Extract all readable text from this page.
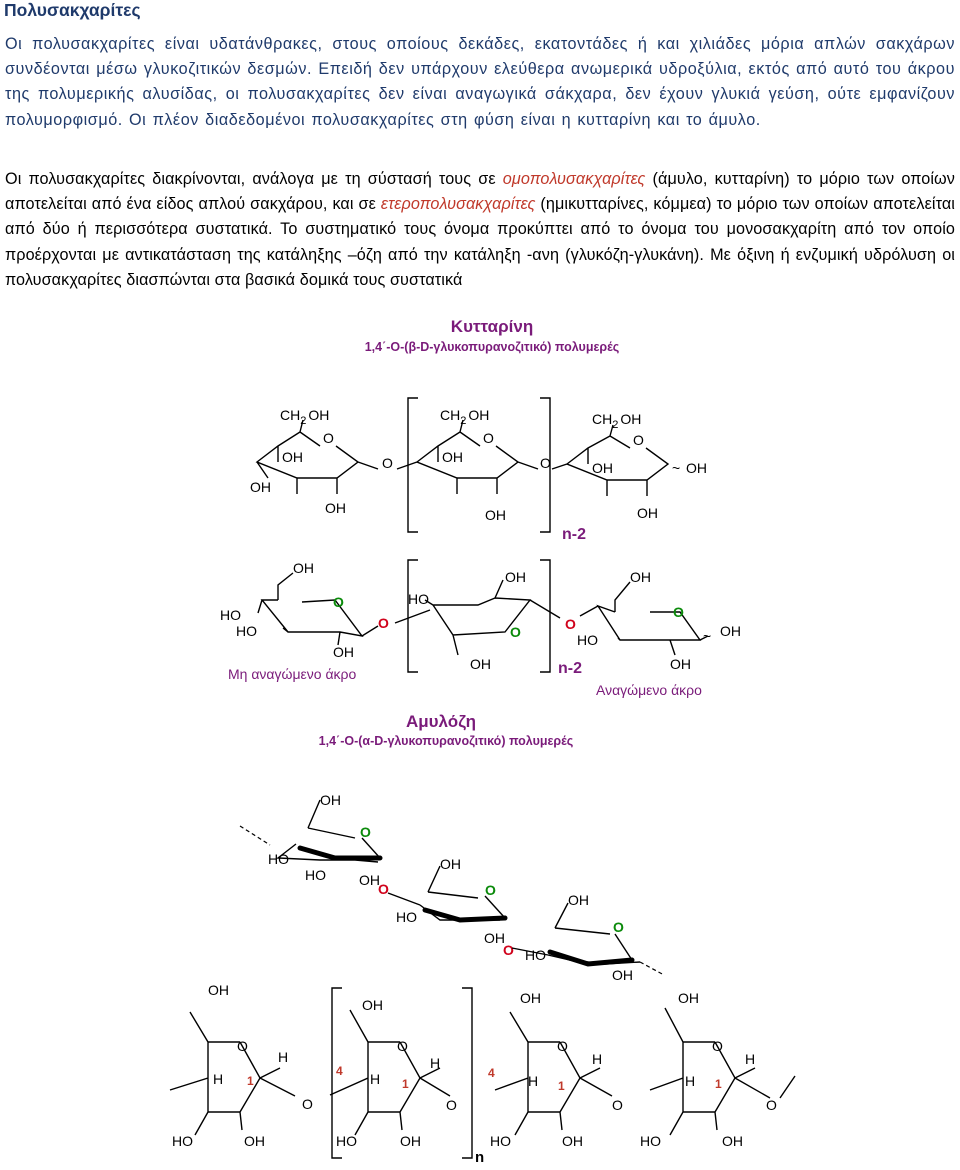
Πολυσακχαρίτες
Οι πολυσακχαρίτες είναι υδατάνθρακες, στους οποίους δεκάδες, εκατοντάδες ή και χιλιάδες μόρια απλών σακχάρων συνδέονται μέσω γλυκοζιτικών δεσμών. Επειδή δεν υπάρχουν ελεύθερα ανωμερικά υδροξύλια, εκτός από αυτό του άκρου της πολυμερικής αλυσίδας, οι πολυσακχαρίτες δεν είναι αναγωγικά σάκχαρα, δεν έχουν γλυκιά γεύση, ούτε εμφανίζουν πολυμορφισμό. Οι πλέον διαδεδομένοι πολυσακχαρίτες στη φύση είναι η κυτταρίνη και το άμυλο.
Οι πολυσακχαρίτες διακρίνονται, ανάλογα με τη σύστασή τους σε ομοπολυσακχαρίτες (άμυλο, κυτταρίνη) το μόριο των οποίων αποτελείται από ένα είδος απλού σακχάρου, και σε ετεροπολυσακχαρίτες (ημικυτταρίνες, κόμμεα) το μόριο των οποίων αποτελείται από δύο ή περισσότερα συστατικά. Το συστηματικό τους όνομα προκύπτει από το όνομα του μονοσακχαρίτη από τον οποίο προέρχονται με αντικατάσταση της κατάληξης –όζη από την κατάληξη -ανη (γλυκόζη-γλυκάνη). Με όξινη ή ενζυμική υδρόλυση οι πολυσακχαρίτες διασπώνται στα βασικά δομικά τους συστατικά
Κυτταρίνη
1,4΄-O-(β-D-γλυκοπυρανοζιτικό) πολυμερές
$CH_2$ OH
O
OH
OH
OH
O
n-2
$CH_2$ OH
O
OH
OH
O
$CH_2$ OH
O
OH
OH
~ OH
OH
O
HO
HO
OH
Μη αναγώμενο άκρο
O
n-2
OH
HO
O
OH
O
OH
O
HO
OH
~ OH
Αναγώμενο άκρο
Αμυλόζη
1,4΄-O-(α-D-γλυκοπυρανοζιτικό) πολυμερές
OH
O
HO
HO OH
O
OH
O
HO
OH
O
OH
O
HO
OH
OH
O
H
H
1
HO	OH
O
n
OH
O
4 H
H
1
HO	OH
O
OH
O
4 H
H
1
HO	OH
O
OH
O
H
H
1
HO	OH
O
